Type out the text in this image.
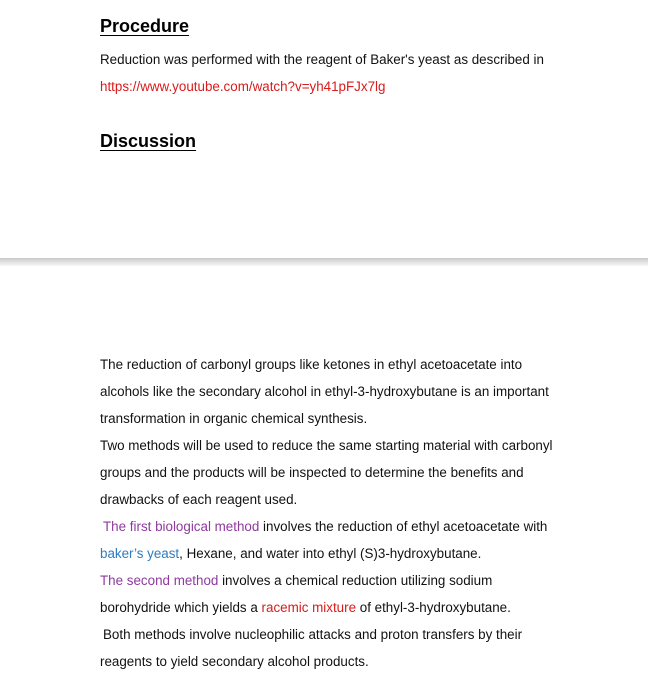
Procedure
Reduction was performed with the reagent of Baker's yeast as described in
https://www.youtube.com/watch?v=yh41pFJx7lg
Discussion
The reduction of carbonyl groups like ketones in ethyl acetoacetate into
alcohols like the secondary alcohol in ethyl-3-hydroxybutane is an important
transformation in organic chemical synthesis.
Two methods will be used to reduce the same starting material with carbonyl
groups and the products will be inspected to determine the benefits and
drawbacks of each reagent used.
The first biological method involves the reduction of ethyl acetoacetate with
baker’s yeast, Hexane, and water into ethyl (S)3-hydroxybutane.
The second method involves a chemical reduction utilizing sodium
borohydride which yields a racemic mixture of ethyl-3-hydroxybutane.
Both methods involve nucleophilic attacks and proton transfers by their
reagents to yield secondary alcohol products.
